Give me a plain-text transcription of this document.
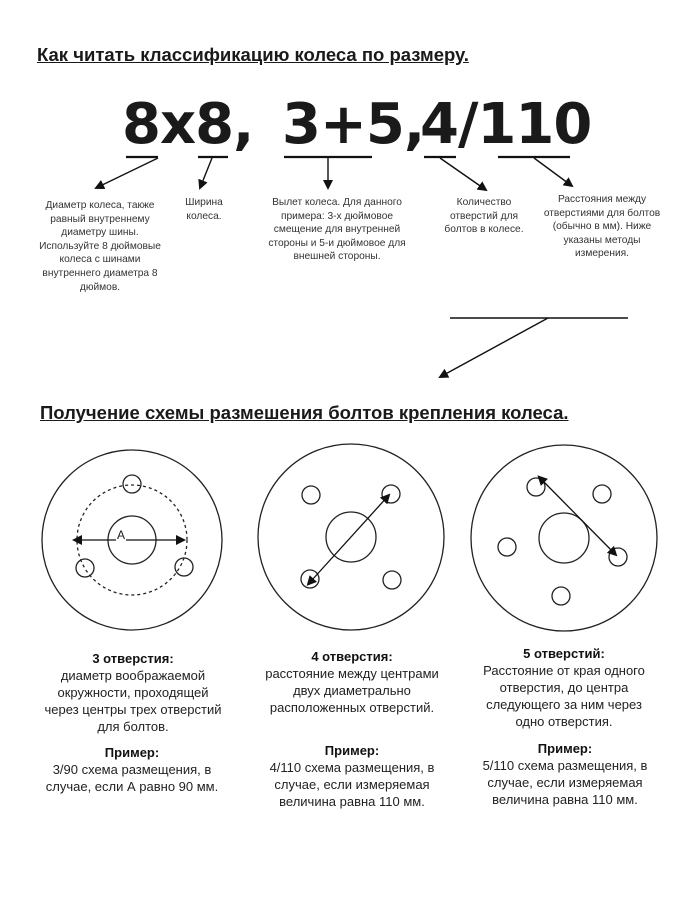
Как читать классификацию колеса по размеру.
Получение схемы размешения болтов крепления колеса.
8x8, 3+5,
4/110
Диаметр колеса, также равный внутреннему диаметру шины. Используйте 8 дюймовые колеса с шинами внутреннего диаметра 8 дюймов.
Ширина колеса.
Вылет колеса. Для данного примера: 3-х дюймовое смещение для внутренней стороны и 5-и дюймовое для внешней стороны.
Количество отверстий для болтов в колесе.
Расстояния между отверстиями для болтов (обычно в мм). Ниже указаны методы измерения.
A
3 отверстия:
диаметр воображаемой окружности, проходящей через центры трех отверстий для болтов.
4 отверстия:
расстояние между центрами двух диаметрально расположенных отверстий.
5 отверстий:
Расстояние от края одного отверстия, до центра следующего за ним через одно отверстия.
Пример:
3/90 схема размещения, в случае, если А равно 90 мм.
Пример:
4/110 схема размещения, в случае, если измеряемая величина равна 110 мм.
Пример:
5/110 схема размещения, в случае, если измеряемая величина равна 110 мм.
